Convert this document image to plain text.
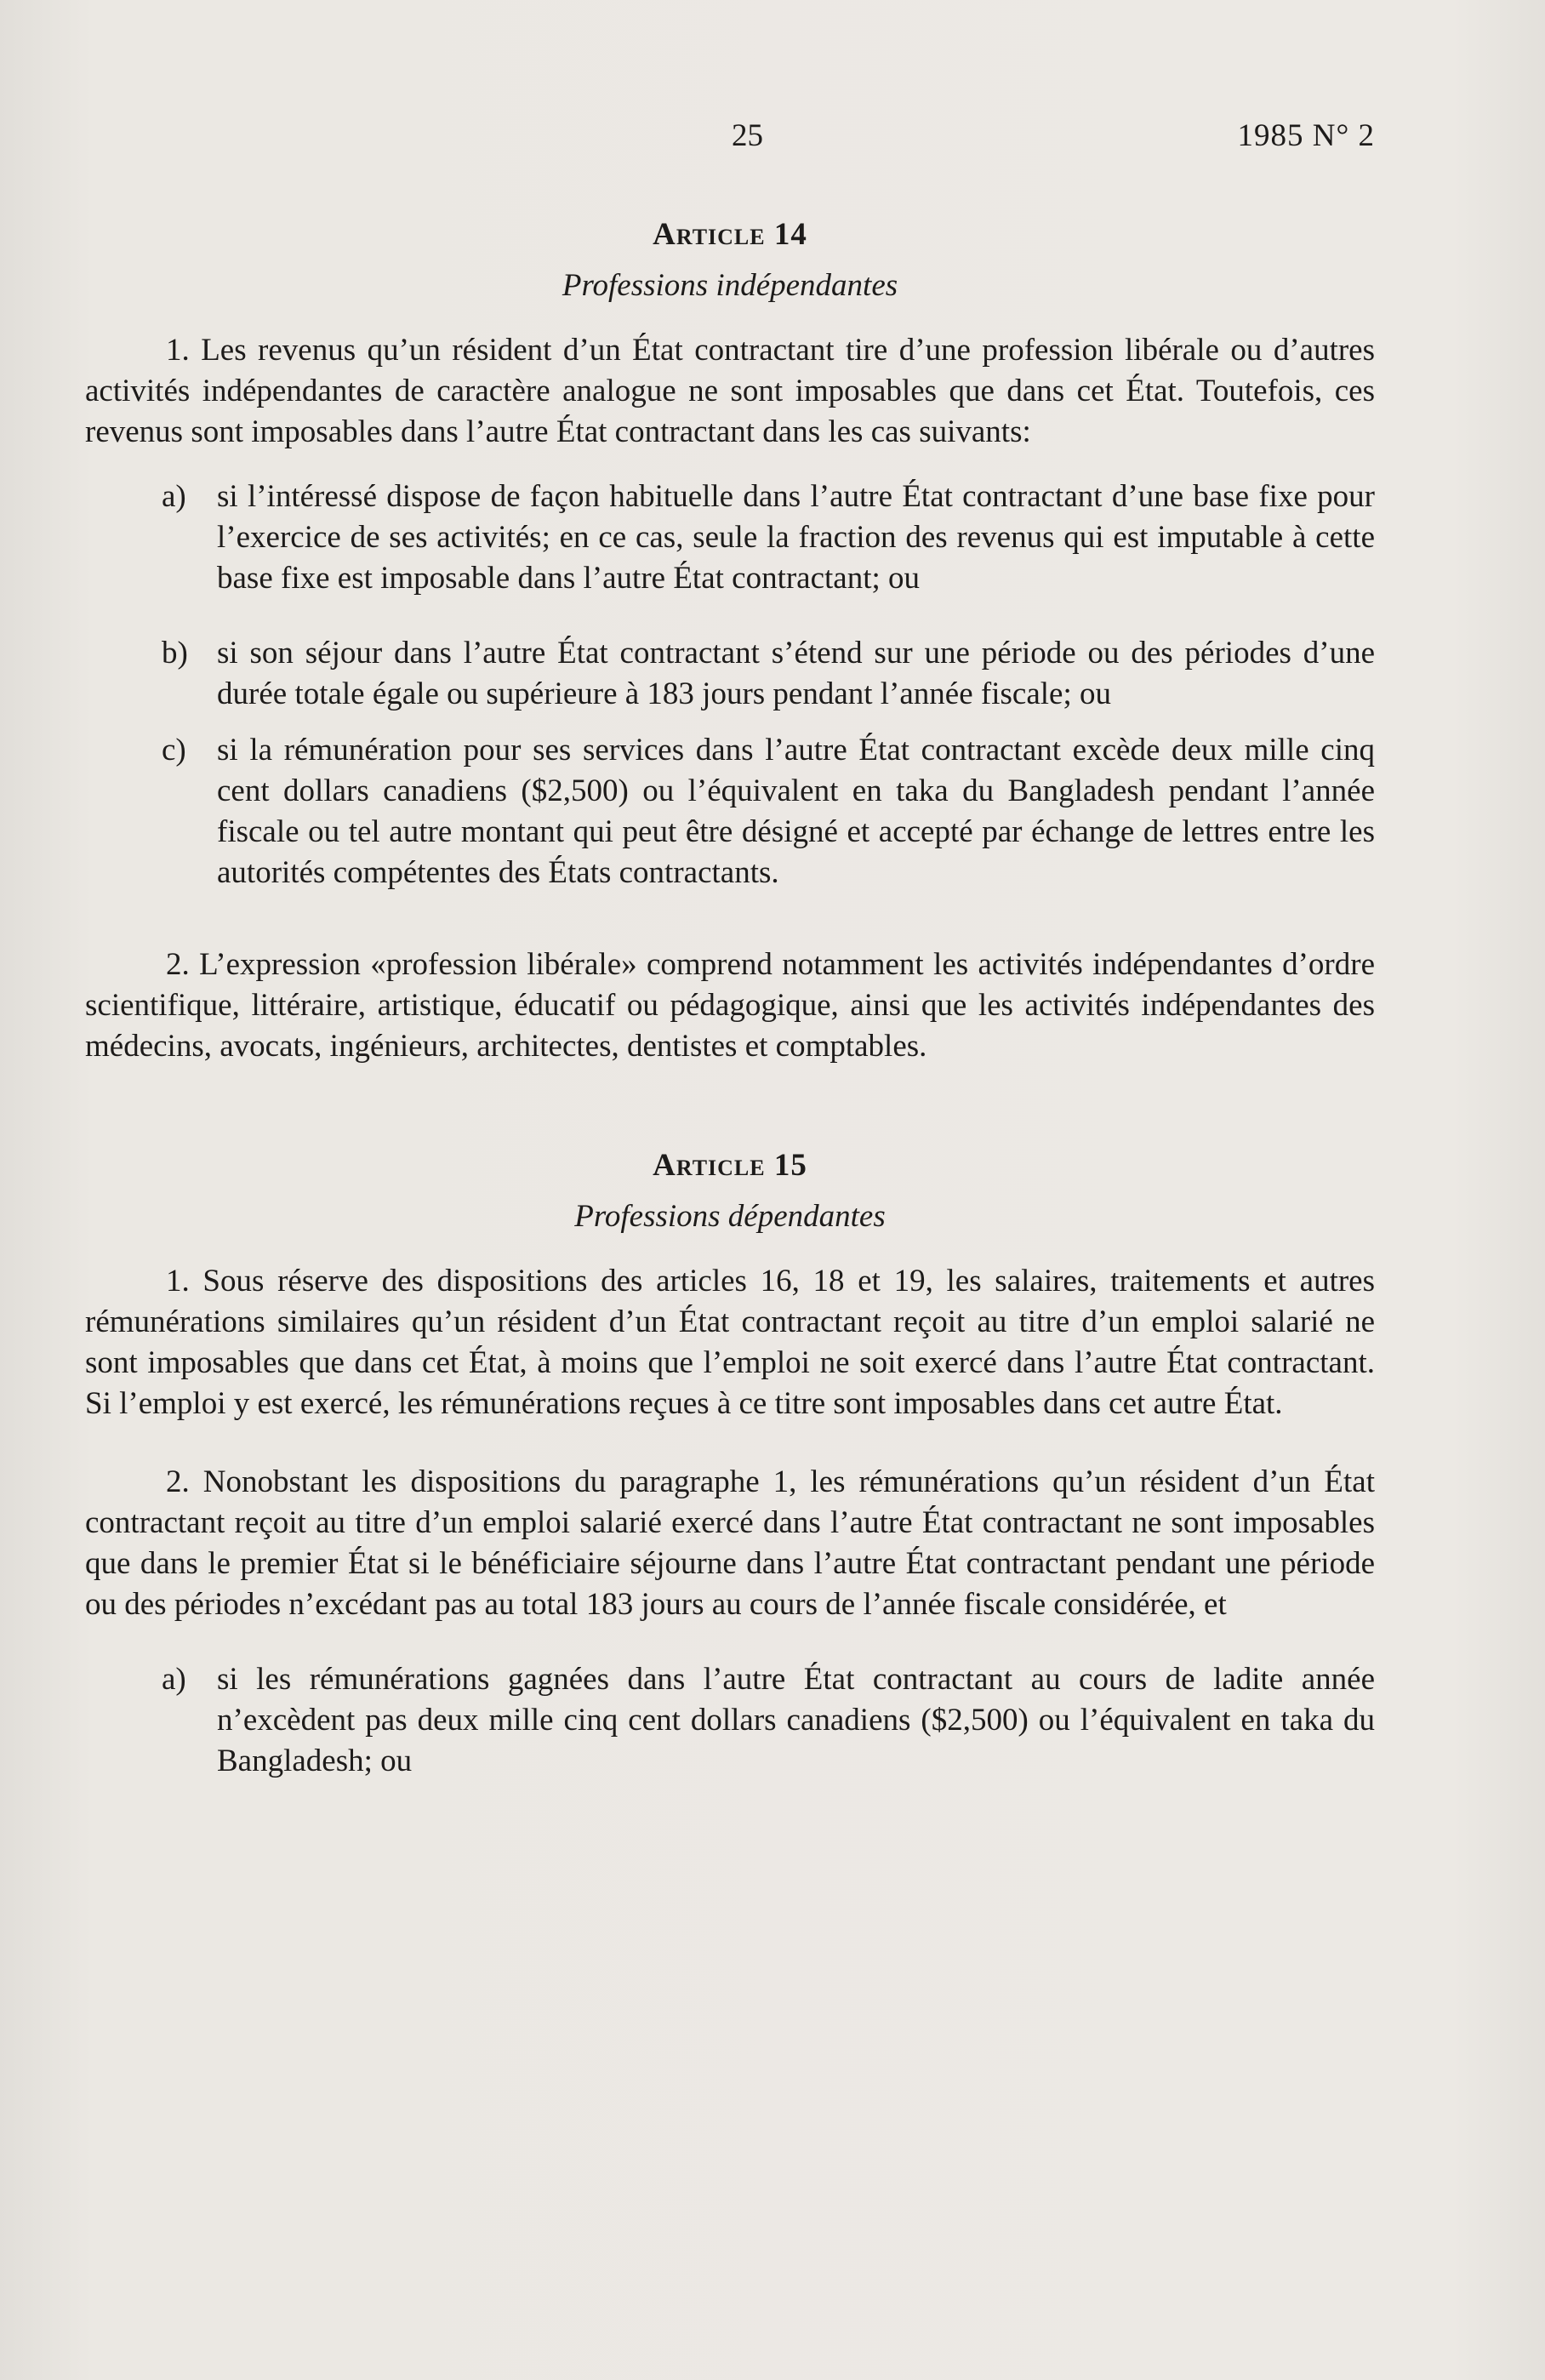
25	1985 N° 2
Article 14
Professions indépendantes

1. Les revenus qu’un résident d’un État contractant tire d’une profession libérale ou d’autres activités indépendantes de caractère analogue ne sont imposables que dans cet État. Toutefois, ces revenus sont imposables dans l’autre État contractant dans les cas suivants:

a) si l’intéressé dispose de façon habituelle dans l’autre État contractant d’une base fixe pour l’exercice de ses activités; en ce cas, seule la fraction des revenus qui est imputable à cette base fixe est imposable dans l’autre État contractant; ou
b) si son séjour dans l’autre État contractant s’étend sur une période ou des périodes d’une durée totale égale ou supérieure à 183 jours pendant l’année fiscale; ou
c) si la rémunération pour ses services dans l’autre État contractant excède deux mille cinq cent dollars canadiens ($2,500) ou l’équivalent en taka du Bangladesh pendant l’année fiscale ou tel autre montant qui peut être désigné et accepté par échange de lettres entre les autorités compétentes des États contractants.

2. L’expression «profession libérale» comprend notamment les activités indépendantes d’ordre scientifique, littéraire, artistique, éducatif ou pédagogique, ainsi que les activités indépendantes des médecins, avocats, ingénieurs, architectes, dentistes et comptables.

Article 15
Professions dépendantes

1. Sous réserve des dispositions des articles 16, 18 et 19, les salaires, traitements et autres rémunérations similaires qu’un résident d’un État contractant reçoit au titre d’un emploi salarié ne sont imposables que dans cet État, à moins que l’emploi ne soit exercé dans l’autre État contractant. Si l’emploi y est exercé, les rémunérations reçues à ce titre sont imposables dans cet autre État.

2. Nonobstant les dispositions du paragraphe 1, les rémunérations qu’un résident d’un État contractant reçoit au titre d’un emploi salarié exercé dans l’autre État contractant ne sont imposables que dans le premier État si le bénéficiaire séjourne dans l’autre État contractant pendant une période ou des périodes n’excédant pas au total 183 jours au cours de l’année fiscale considérée, et

a) si les rémunérations gagnées dans l’autre État contractant au cours de ladite année n’excèdent pas deux mille cinq cent dollars canadiens ($2,500) ou l’équivalent en taka du Bangladesh; ou
